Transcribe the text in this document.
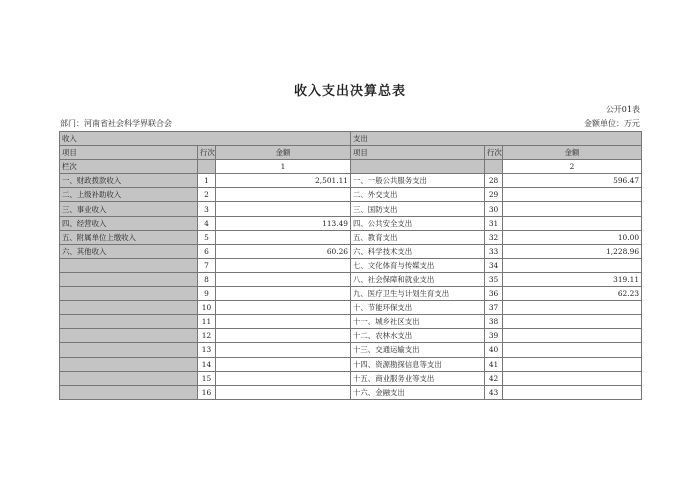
收入支出决算总表
公开01表
部门：河南省社会科学界联合会	金额单位：万元
收入			支出		
项目	行次	金额	项目	行次	金额
栏次		1			2
一、财政拨款收入	1	2,501.11	一、一般公共服务支出	28	596.47
二、上级补助收入	2		二、外交支出	29	
三、事业收入	3		三、国防支出	30	
四、经营收入	4	113.49	四、公共安全支出	31	
五、附属单位上缴收入	5		五、教育支出	32	10.00
六、其他收入	6	60.26	六、科学技术支出	33	1,228.96
	7		七、文化体育与传媒支出	34	
	8		八、社会保障和就业支出	35	319.11
	9		九、医疗卫生与计划生育支出	36	62.23
	10		十、节能环保支出	37	
	11		十一、城乡社区支出	38	
	12		十二、农林水支出	39	
	13		十三、交通运输支出	40	
	14		十四、资源勘探信息等支出	41	
	15		十五、商业服务业等支出	42	
	16		十六、金融支出	43	
